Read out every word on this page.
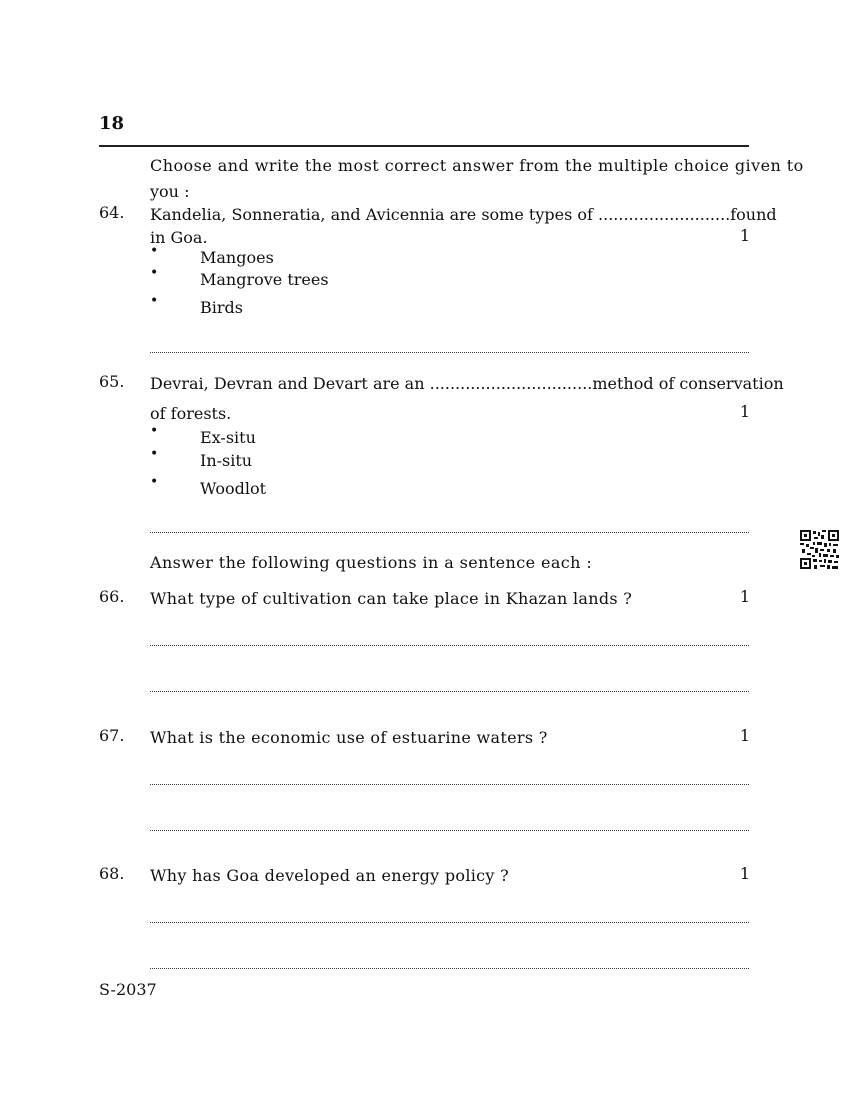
18
Choose and write the most correct answer from the multiple choice given to
you :
64. Kandelia, Sonneratia, and Avicennia are some types of .......................... found
in Goa.	1
•	Mangoes
•	Mangrove trees
•	Birds
65. Devrai, Devran and Devart are an ................................ method of conservation
of forests.	1
•	Ex-situ
•	In-situ
•	Woodlot
Answer the following questions in a sentence each :
66. What type of cultivation can take place in Khazan lands ?	1
67. What is the economic use of estuarine waters ?	1
68. Why has Goa developed an energy policy ?	1
S-2037
